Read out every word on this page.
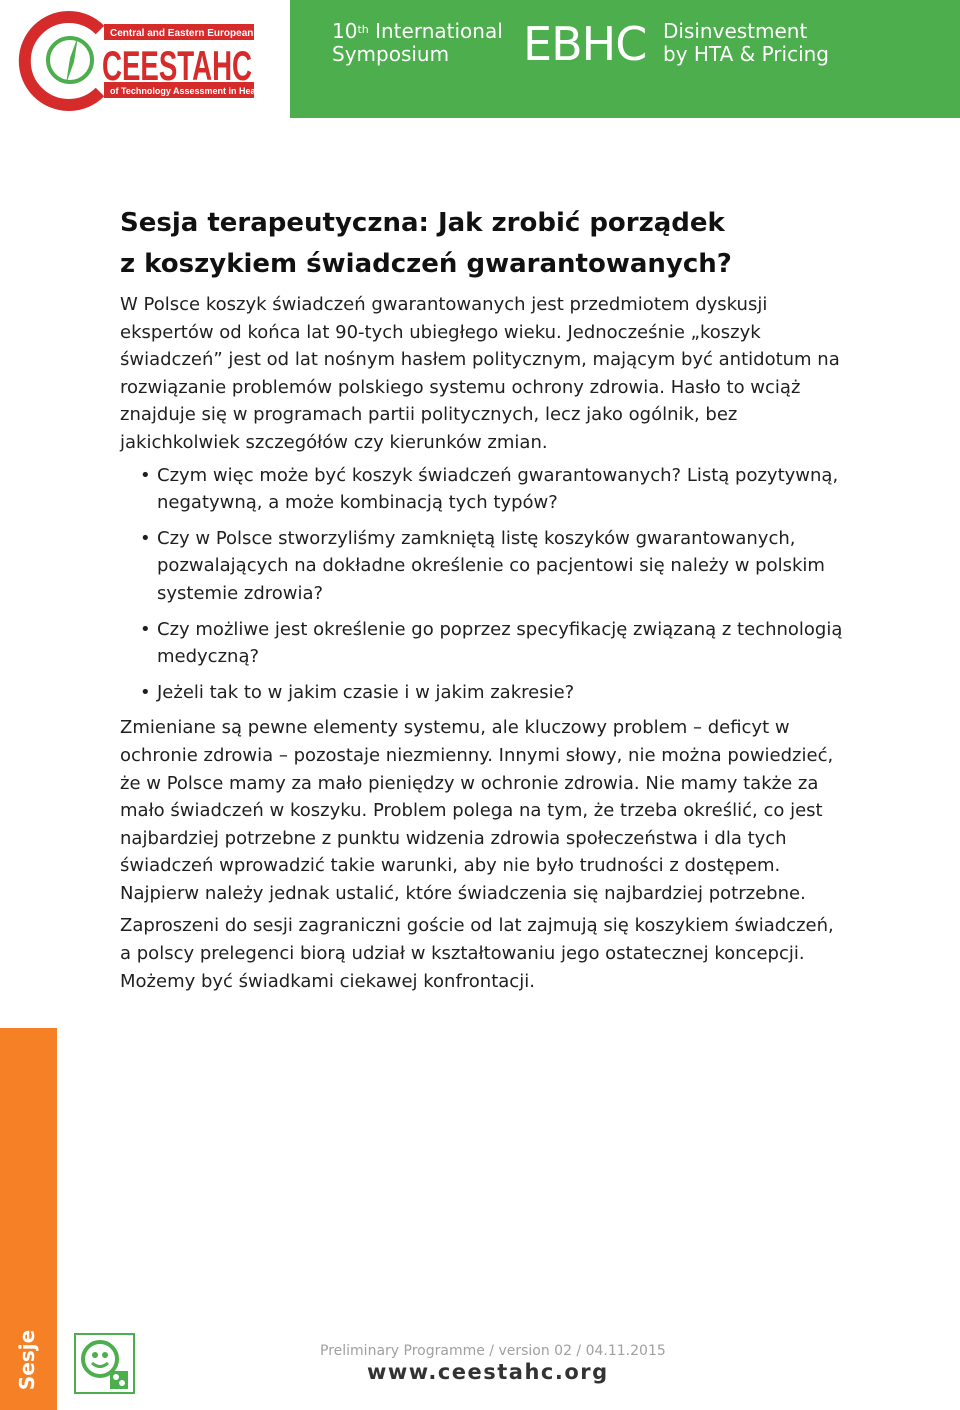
Central and Eastern European Society
CEESTAHC
of Technology Assessment in Health Care
10th International
Symposium	EBHC Disinvestment
by HTA & Pricing
Sesja terapeutyczna: Jak zrobić porządek
z koszykiem świadczeń gwarantowanych?

W Polsce koszyk świadczeń gwarantowanych jest przedmiotem dyskusji ekspertów od końca lat 90-tych ubiegłego wieku. Jednocześnie „koszyk świadczeń” jest od lat nośnym hasłem politycznym, mającym być antidotum na rozwiązanie problemów polskiego systemu ochrony zdrowia. Hasło to wciąż znajduje się w programach partii politycznych, lecz jako ogólnik, bez jakichkolwiek szczegółów czy kierunków zmian.

• Czym więc może być koszyk świadczeń gwarantowanych? Listą pozytywną, negatywną, a może kombinacją tych typów?
• Czy w Polsce stworzyliśmy zamkniętą listę koszyków gwarantowanych, pozwalających na dokładne określenie co pacjentowi się należy w polskim systemie zdrowia?
• Czy możliwe jest określenie go poprzez specyfikację związaną z technologią medyczną?
• Jeżeli tak to w jakim czasie i w jakim zakresie?

Zmieniane są pewne elementy systemu, ale kluczowy problem – deficyt w ochronie zdrowia – pozostaje niezmienny. Innymi słowy, nie można powiedzieć, że w Polsce mamy za mało pieniędzy w ochronie zdrowia. Nie mamy także za mało świadczeń w koszyku. Problem polega na tym, że trzeba określić, co jest najbardziej potrzebne z punktu widzenia zdrowia społeczeństwa i dla tych świadczeń wprowadzić takie warunki, aby nie było trudności z dostępem. Najpierw należy jednak ustalić, które świadczenia się najbardziej potrzebne.

Zaproszeni do sesji zagraniczni goście od lat zajmują się koszykiem świadczeń, a polscy prelegenci biorą udział w kształtowaniu jego ostatecznej koncepcji. Możemy być świadkami ciekawej konfrontacji.

Sesje	Preliminary Programme / version 02 / 04.11.2015
www.ceestahc.org
